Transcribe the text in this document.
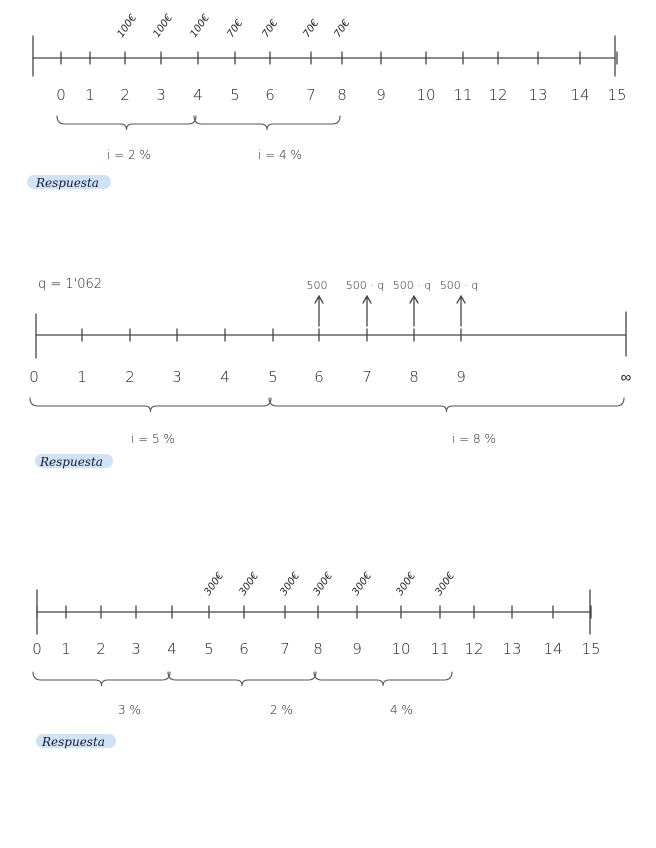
0 1 2 3 4 5 6 7 8 9 10 11 12 13 14 15
100€ 100€ 100€ 70€ 70€ 70€ 70€
i = 2 %	i = 4 %
Respuesta
q = 1'062
0	1	2 3	4	5 6	7 8 9	∞
500 500 · q 500 · q 500 · q
i = 5 %	i = 8 %
Respuesta
0 1 2 3 4 5 6 7 8 9 10 11 12 13 14 15
300€ 300€ 300€ 300€ 300€ 300€ 300€
3 %	2 %	4 %
Respuesta
